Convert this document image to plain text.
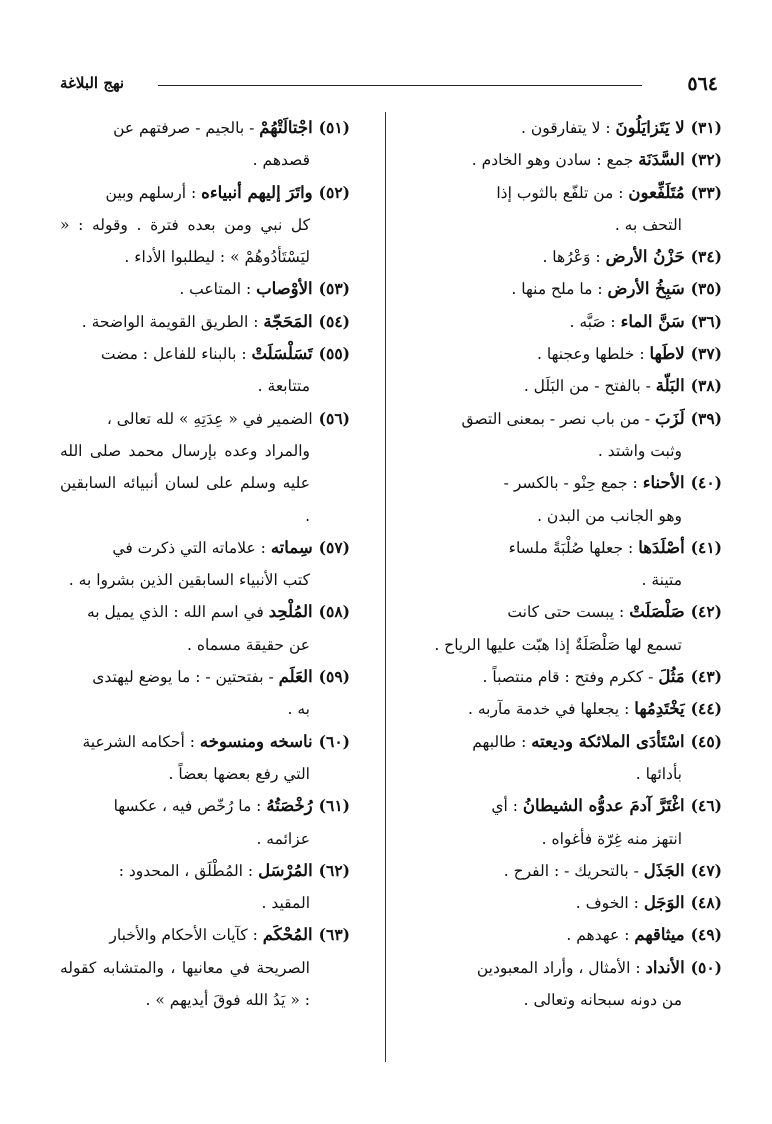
٥٦٤
نهج البلاغة
(٣١)لا يَتَزايَلُونَ : لا يتفارقون .
(٣٢)السَّدَنَة جمع : سادن وهو الخادم .
(٣٣)مُتَلَفِّعون : من تلفّع بالثوب إذا
التحف به .
(٣٤)حَزْنُ الأرض : وَعْرُها .
(٣٥)سَبِخُ الأرض : ما ملح منها .
(٣٦)سَنَّ الماء : صَبَّه .
(٣٧)لاطَها : خلطها وعجنها .
(٣٨)البَلّة - بالفتح - من البَلَل .
(٣٩)لَزَبَ - من باب نصر - بمعنى التصق
وثبت واشتد .
(٤٠)الأحناء : جمع حِنْو - بالكسر -
وهو الجانب من البدن .
(٤١)أصْلَدَها : جعلها صُلْبَةً ملساء
متينة .
(٤٢)صَلْصَلَتْ : يبست حتى كانت
تسمع لها صَلْصَلَةٌ إذا هبّت عليها الرياح .
(٤٣)مَثُلَ - ككرم وفتح : قام منتصباً .
(٤٤)يَخْتَدِمُها : يجعلها في خدمة مآربه .
(٤٥)اسْتَأدَى الملائكة وديعته : طالبهم
بأدائها .
(٤٦)اغْتَرَّ آدمَ عدوُّه الشيطانُ : أي
انتهز منه غِرّة فأغواه .
(٤٧)الجَذَل - بالتحريك - : الفرح .
(٤٨)الوَجَل : الخوف .
(٤٩)ميثاقهم : عهدهم .
(٥٠)الأنداد : الأمثال ، وأراد المعبودين
من دونه سبحانه وتعالى .
(٥١)اجْتالَتْهُمْ - بالجيم - صرفتهم عن
قصدهم .
(٥٢)واتَرَ إليهم أنبياءه : أرسلهم وبين
كل نبي ومن بعده فترة . وقوله : « ليَسْتَأدُوهُمْ » : ليطلبوا الأداء .
(٥٣)الأوْصاب : المتاعب .
(٥٤)المَحَجّة : الطريق القويمة الواضحة .
(٥٥)تَسَلْسَلَتْ : بالبناء للفاعل : مضت
متتابعة .
(٥٦)الضمير في « عِدَتِهِ » لله تعالى ،
والمراد وعده بإرسال محمد صلى الله عليه وسلم على لسان أنبيائه السابقين .
(٥٧)سِماته : علاماته التي ذكرت في
كتب الأنبياء السابقين الذين بشروا به .
(٥٨)المُلْحِد في اسم الله : الذي يميل به
عن حقيقة مسماه .
(٥٩)العَلَم - بفتحتين - : ما يوضع ليهتدى
به .
(٦٠)ناسخه ومنسوخه : أحكامه الشرعية
التي رفع بعضها بعضاً .
(٦١)رُخْصَتُهُ : ما رُخّص فيه ، عكسها
عزائمه .
(٦٢)المُرْسَل : المُطْلَق ، المحدود :
المقيد .
(٦٣)المُحْكَم : كآيات الأحكام والأخبار
الصريحة في معانيها ، والمتشابه كقوله : « يَدُ الله فوقَ أيديهم » .
